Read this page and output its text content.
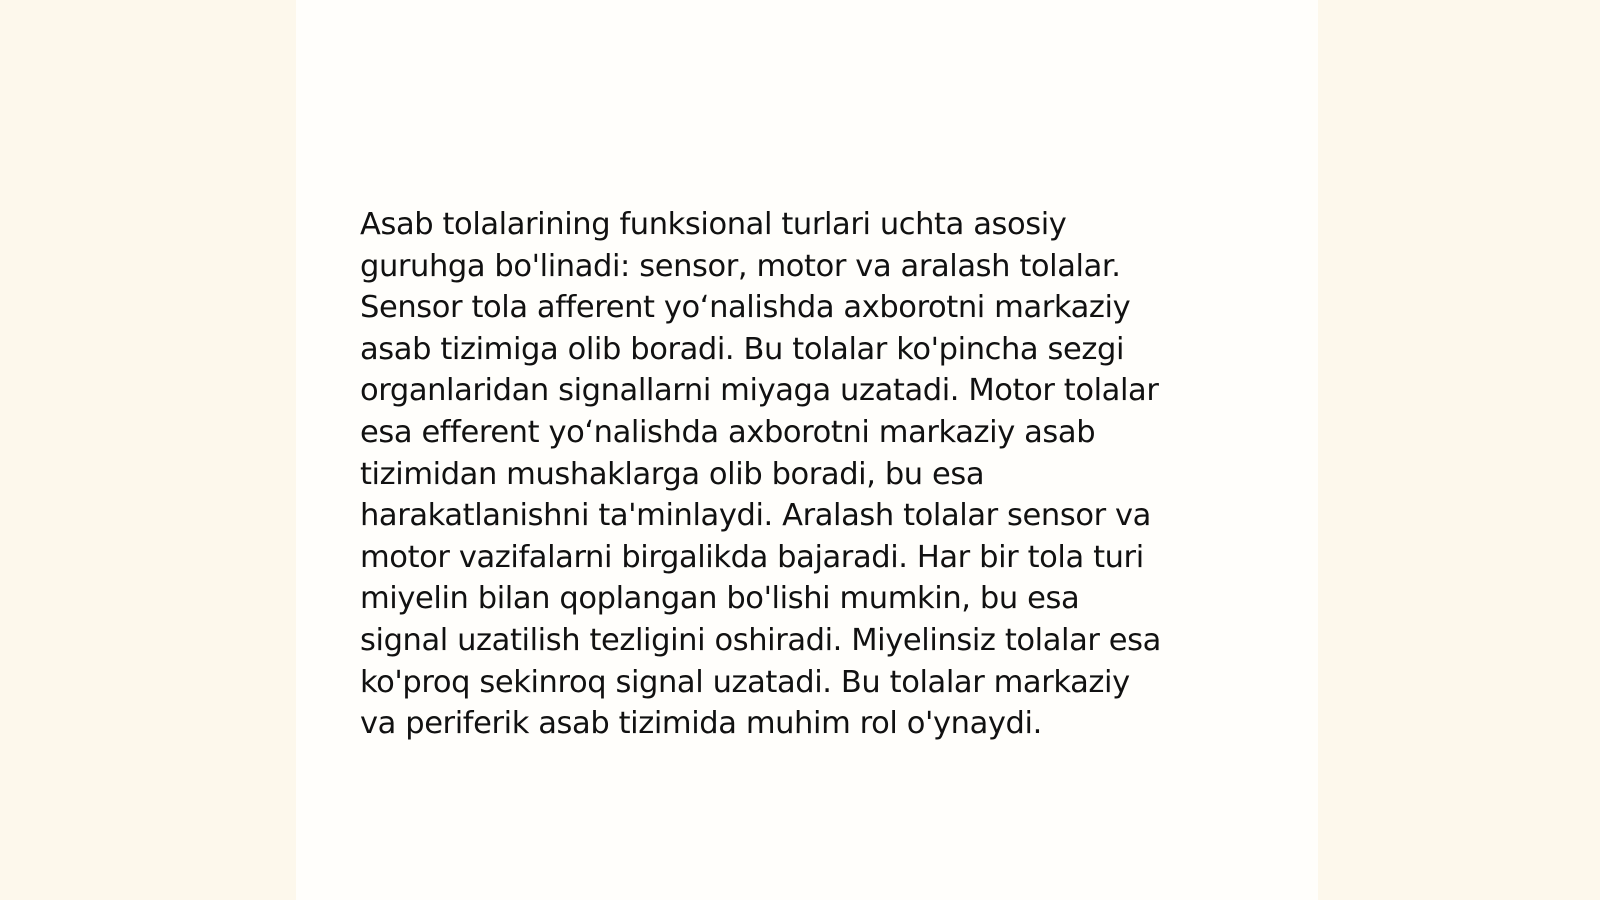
Asab tolalarining funksional turlari uchta asosiy
guruhga bo'linadi: sensor, motor va aralash tolalar.
Sensor tola afferent yo‘nalishda axborotni markaziy
asab tizimiga olib boradi. Bu tolalar ko'pincha sezgi
organlaridan signallarni miyaga uzatadi. Motor tolalar
esa efferent yo‘nalishda axborotni markaziy asab
tizimidan mushaklarga olib boradi, bu esa
harakatlanishni ta'minlaydi. Aralash tolalar sensor va
motor vazifalarni birgalikda bajaradi. Har bir tola turi
miyelin bilan qoplangan bo'lishi mumkin, bu esa
signal uzatilish tezligini oshiradi. Miyelinsiz tolalar esa
ko'proq sekinroq signal uzatadi. Bu tolalar markaziy
va periferik asab tizimida muhim rol o'ynaydi.
